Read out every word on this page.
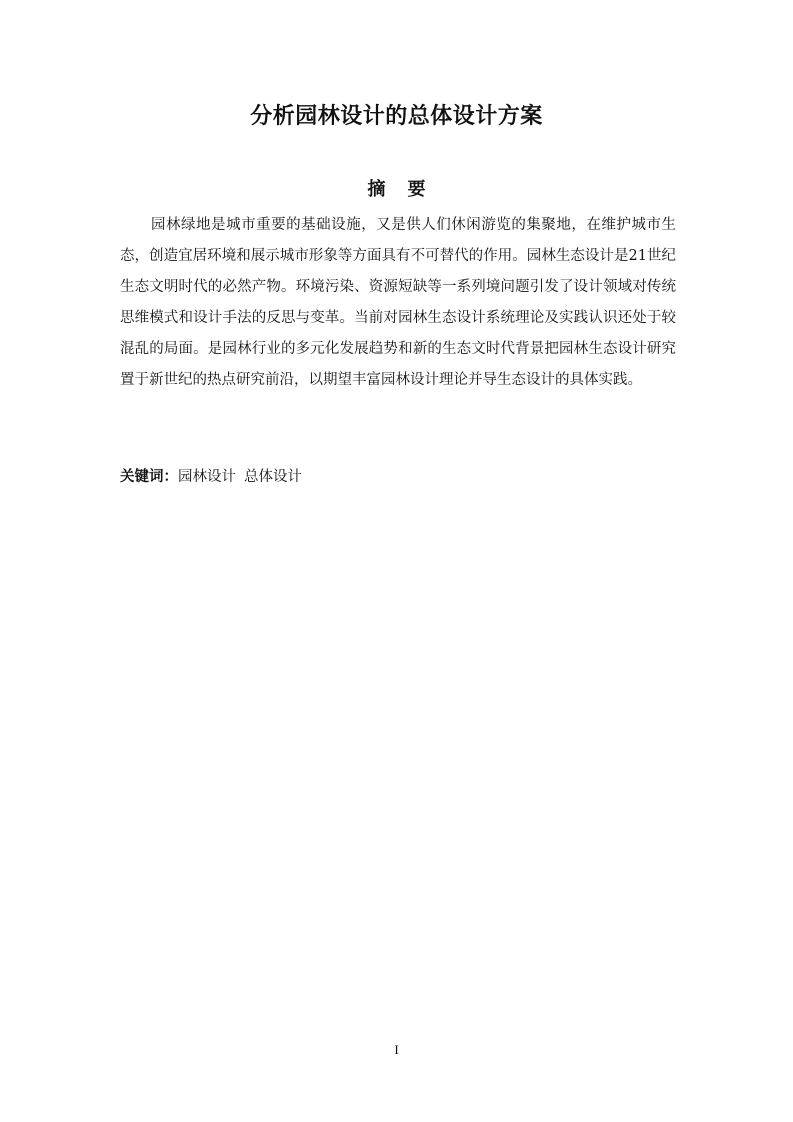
分析园林设计的总体设计方案
摘要

园林绿地是城市重要的基础设施，又是供人们休闲游览的集聚地，在维护城市生态，创造宜居环境和展示城市形象等方面具有不可替代的作用。园林生态设计是21世纪生态文明时代的必然产物。环境污染、资源短缺等一系列境问题引发了设计领域对传统思维模式和设计手法的反思与变革。当前对园林生态设计系统理论及实践认识还处于较混乱的局面。是园林行业的多元化发展趋势和新的生态文时代背景把园林生态设计研究置于新世纪的热点研究前沿，以期望丰富园林设计理论并导生态设计的具体实践。

关键词：园林设计 总体设计
I
